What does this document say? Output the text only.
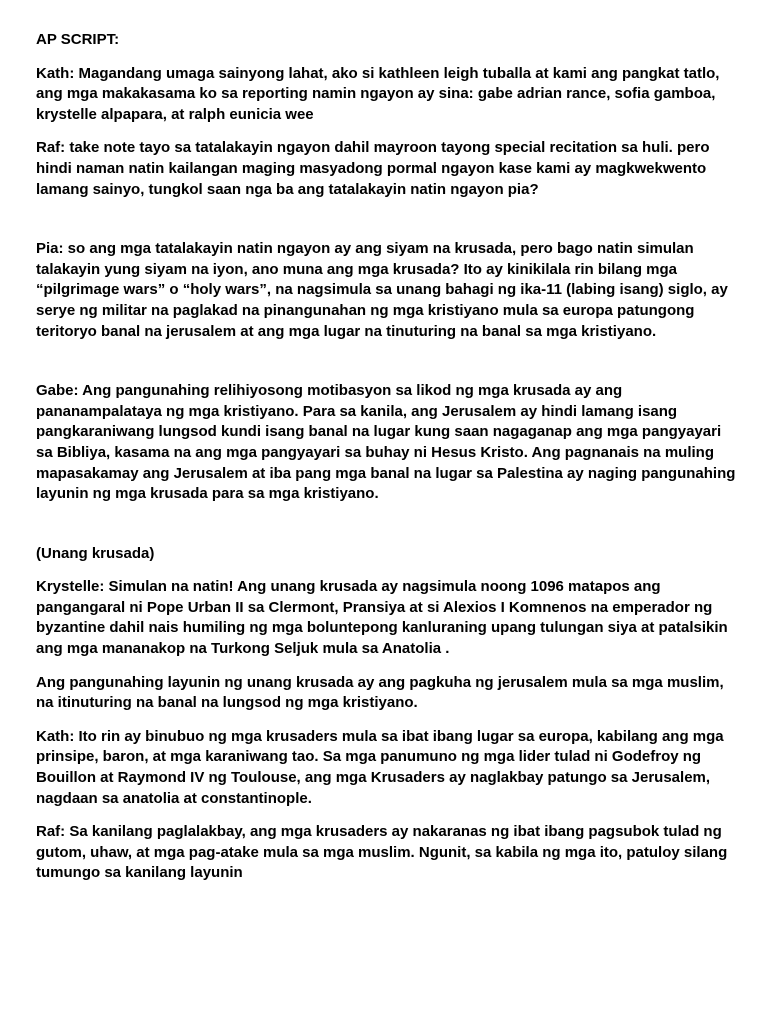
AP SCRIPT:

Kath: Magandang umaga sainyong lahat, ako si kathleen leigh tuballa at kami ang pangkat tatlo, ang mga makakasama ko sa reporting namin ngayon ay sina: gabe adrian rance, sofia gamboa, krystelle alpapara, at ralph eunicia wee

Raf: take note tayo sa tatalakayin ngayon dahil mayroon tayong special recitation sa huli. pero hindi naman natin kailangan maging masyadong pormal ngayon kase kami ay magkwekwento lamang sainyo, tungkol saan nga ba ang tatalakayin natin ngayon pia?

Pia: so ang mga tatalakayin natin ngayon ay ang siyam na krusada, pero bago natin simulan talakayin yung siyam na iyon, ano muna ang mga krusada? Ito ay kinikilala rin bilang mga “pilgrimage wars” o “holy wars”, na nagsimula sa unang bahagi ng ika-11 (labing isang) siglo, ay serye ng militar na paglakad na pinangunahan ng mga kristiyano mula sa europa patungong teritoryo banal na jerusalem at ang mga lugar na tinuturing na banal sa mga kristiyano.

Gabe: Ang pangunahing relihiyosong motibasyon sa likod ng mga krusada ay ang pananampalataya ng mga kristiyano. Para sa kanila, ang Jerusalem ay hindi lamang isang pangkaraniwang lungsod kundi isang banal na lugar kung saan nagaganap ang mga pangyayari sa Bibliya, kasama na ang mga pangyayari sa buhay ni Hesus Kristo. Ang pagnanais na muling mapasakamay ang Jerusalem at iba pang mga banal na lugar sa Palestina ay naging pangunahing layunin ng mga krusada para sa mga kristiyano.

(Unang krusada)

Krystelle: Simulan na natin! Ang unang krusada ay nagsimula noong 1096 matapos ang pangangaral ni Pope Urban II sa Clermont, Pransiya at si Alexios I Komnenos na emperador ng byzantine dahil nais humiling ng mga boluntерong kanluraning upang tulungan siya at patalsikin ang mga mananakop na Turkong Seljuk mula sa Anatolia .

Ang pangunahing layunin ng unang krusada ay ang pagkuha ng jerusalem mula sa mga muslim, na itinuturing na banal na lungsod ng mga kristiyano.

Kath: Ito rin ay binubuo ng mga krusaders mula sa ibat ibang lugar sa europa, kabilang ang mga prinsipe, baron, at mga karaniwang tao. Sa mga panumuno ng mga lider tulad ni Godefroy ng Bouillon at Raymond IV ng Toulouse, ang mga Krusaders ay naglakbay patungo sa Jerusalem, nagdaan sa anatolia at constantinople.

Raf: Sa kanilang paglalakbay, ang mga krusaders ay nakaranas ng ibat ibang pagsubok tulad ng gutom, uhaw, at mga pag-atake mula sa mga muslim. Ngunit, sa kabila ng mga ito, patuloy silang tumungo sa kanilang layunin
